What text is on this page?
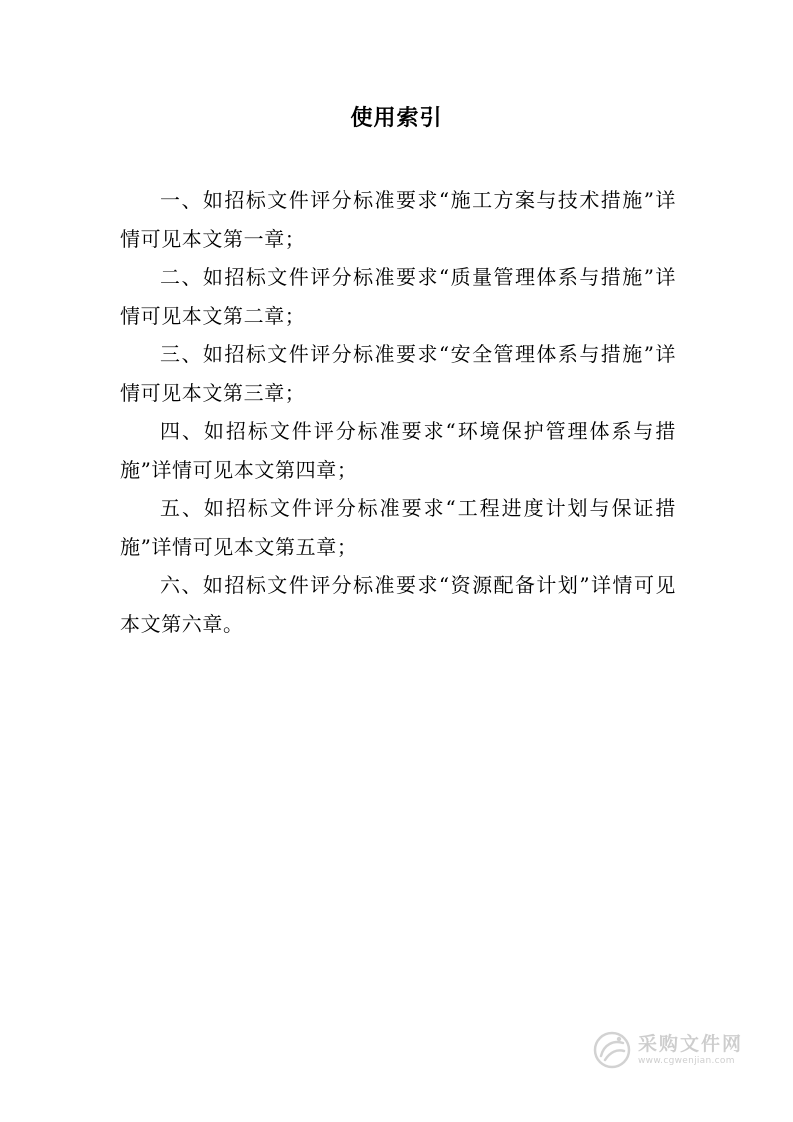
使用索引

一、如招标文件评分标准要求“施工方案与技术措施”详情可见本文第一章；

二、如招标文件评分标准要求“质量管理体系与措施”详情可见本文第二章；

三、如招标文件评分标准要求“安全管理体系与措施”详情可见本文第三章；

四、如招标文件评分标准要求“环境保护管理体系与措施”详情可见本文第四章；

五、如招标文件评分标准要求“工程进度计划与保证措施”详情可见本文第五章；

六、如招标文件评分标准要求“资源配备计划”详情可见本文第六章。

采购文件网
www.cgwenjian.com
